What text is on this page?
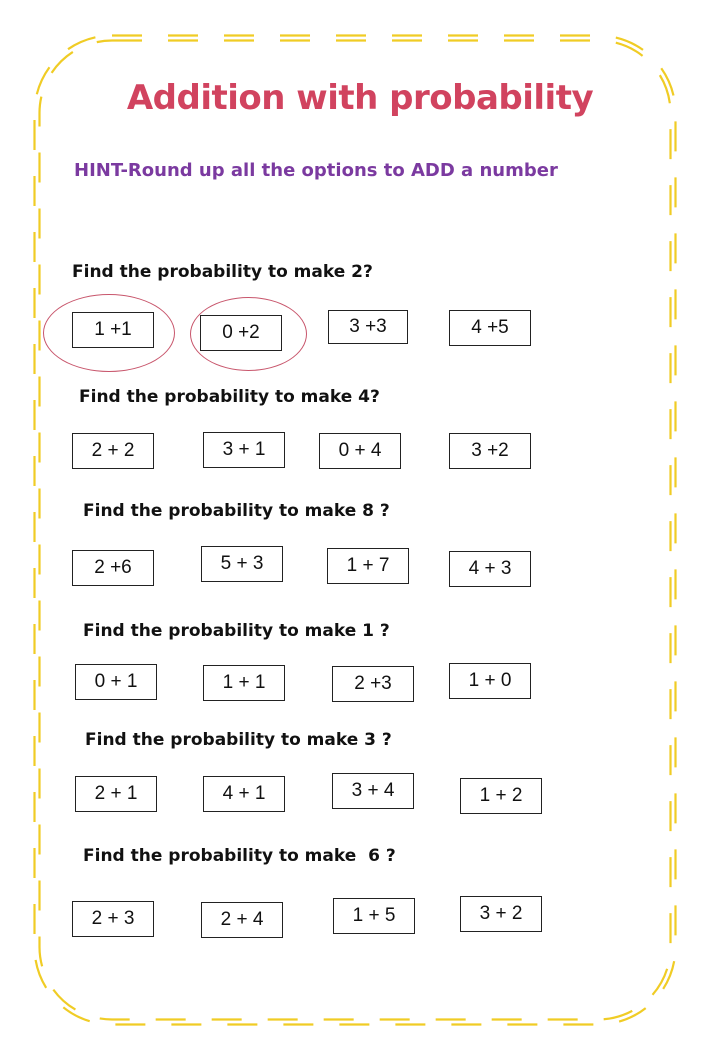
Addition with probability
HINT-Round up all the options to ADD a number
Find the probability to make 2?
1 +1	0 +2	3 +3	4 +5
Find the probability to make 4?
2 + 2	3 + 1	0 + 4	3 +2
Find the probability to make 8 ?
2 +6	5 + 3	1 + 7	4 + 3
Find the probability to make 1 ?
0 + 1	1 + 1	2 +3	1 + 0
Find the probability to make 3 ?
2 + 1	4 + 1	3 + 4	1 + 2
Find the probability to make  6 ?
2 + 3	2 + 4	1 + 5	3 + 2
